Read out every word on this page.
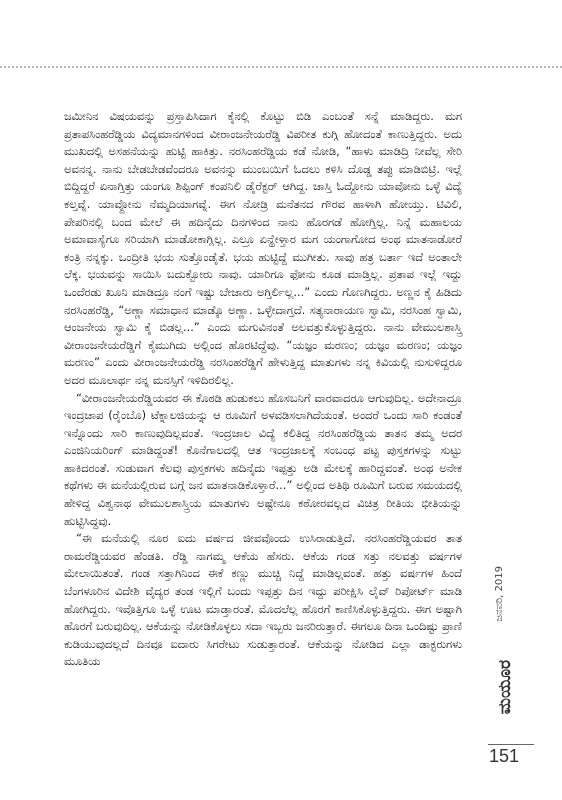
ಜಮೀನಿನ ವಿಷಯವನ್ನು ಪ್ರಸ್ತಾಪಿಸಿದಾಗ ಕೈನಲ್ಲಿ ಕೊಟ್ಟು ಬಿಡಿ ಎಂಬಂತೆ ಸನ್ನೆ ಮಾಡಿದ್ದರು. ಮಗ ಪ್ರತಾಪಸಿಂಹರೆಡ್ಡಿಯ ವಿದ್ಯಮಾನಗಳಿಂದ ವೀರಾಂಜನೇಯರೆಡ್ಡಿ ವಿಪರೀತ ಕುಗ್ಗಿ ಹೋದಂತೆ ಕಾಣುತ್ತಿದ್ದರು. ಅದು ಮುಖದಲ್ಲಿ ಅಸಹನೆಯನ್ನು ಹುಟ್ಟಿ ಹಾಕಿತ್ತು. ನರಸಿಂಹರೆಡ್ಡಿಯ ಕಡೆ ನೋಡಿ, “ಹಾಳು ಮಾಡಿದ್ರಿ ನೀವೆಲ್ಲ ಸೇರಿ ಅವನನ್ನ. ನಾನು ಬೇಡಬೇಡವೆಂದರೂ ಅವನನ್ನು ಮುಂಬಯಿಗೆ ಓದಲು ಕಳಿಸಿ ದೊಡ್ಡ ತಪ್ಪು ಮಾಡಿಬಿಟ್ರಿ. ಇಲ್ಲೆ ಬಿದ್ದಿದ್ದರೆ ಏನಾಗ್ತಿತ್ತು ಯಂಗೂ ಶಿಪ್ಪಿಂಗ್ ಕಂಪನಿಲಿ ಡೈರೆಕ್ಟರ್ ಆಗಿದ್ದ. ಜಾಸ್ತಿ ಓದ್ದೋನು ಯಾವೋನು ಒಳ್ಳೆ ವಿದ್ಯೆ ಕಲ್ತವ್ನೆ. ಯಾವ್ದೋನು ನೆಮ್ಮದಿಯಾಗವ್ನೆ. ಈಗ ನೋಡ್ರಿ ಮನೆತನದ ಗೌರವ ಹಾಳಾಗಿ ಹೋಯ್ತು. ಟಿವಿಲಿ, ಪೇಪರಿನಲ್ಲಿ ಬಂದ ಮೇಲೆ ಈ ಹದಿನೈದು ದಿನಗಳಿಂದ ನಾನು ಹೊರಗಡೆ ಹೋಗ್ತಿಲ್ಲ. ನಿನ್ನೆ ಮಹಾಲಯ ಅಮಾವಾಸ್ಯೆಗೂ ಸರಿಯಾಗಿ ಮಾಡೋಕಾಗ್ಲಿಲ್ಲ. ಎಲ್ರೂ ಏನ್ಹೇಳ್ತಾರ ಮಗ ಯಂಗಾಗೋದ ಅಂಥ ಮಾತನಾಡೋರೆ ಕಂತ್ರಿ ನನ್ನಕ್ಕು. ಒಂದ್ರೀತಿ ಭಯ ಸುತ್ತೊಂಡೈತೆ. ಭಯ ಹುಟ್ಟಿದ್ದೆ ಮುಗೀತು. ಸಾವು ಹತ್ರ ಬರ್ತಾ ಇದೆ ಅಂತಾಲೇ ಲೆಕ್ಕ. ಭಯವನ್ನು ಸಾಯಿಸಿ ಬದುಕ್ಬೋರು ನಾವು. ಯಾರಿಗೂ ಫೋನು ಕೂಡ ಮಾಡ್ತಿಲ್ಲ. ಪ್ರತಾಪ ಇಲ್ಲೆ ಇದ್ದು ಒಂದೆರಡು ಖೂನಿ ಮಾಡಿದ್ರೂ ನಂಗೆ ಇಷ್ಟು ಬೇಜಾರು ಅಗ್ತಿರ್ಲಿಲ್ಲ...” ಎಂದು ಗೊಣಗಿದ್ದರು. ಅಣ್ಣನ ಕೈ ಹಿಡಿದು ನರಸಿಂಹರೆಡ್ಡಿ, “ಅಣ್ಣಾ ಸಮಾಧಾನ ಮಾಡ್ಕೊ ಅಣ್ಣಾ. ಒಳ್ಳೇದಾಗ್ತದೆ. ಸತ್ಯನಾರಾಯಣ ಸ್ವಾಮಿ, ನರಸಿಂಹ ಸ್ವಾಮಿ, ಆಂಜನೇಯ ಸ್ವಾಮಿ ಕೈ ಬಿಡಲ್ಲ...” ಎಂದು ಮಗುವಿನಂತೆ ಅಲವತ್ತುಕೊಳ್ಳುತ್ತಿದ್ದರು. ನಾನು ವೇಮುಲಶಾಸ್ತ್ರಿ ವೀರಾಂಜನೇಯರೆಡ್ಡಿಗೆ ಕೈಮುಗಿದು ಅಲ್ಲಿಂದ ಹೊರಟಿದ್ದೆವು. “ಯಜ್ಞಂ ಮರಣಂ; ಯಜ್ಞಂ ಮರಣಂ; ಯಜ್ಞಂ ಮರಣಂ” ಎಂದು ವೀರಾಂಜನೇಯರೆಡ್ಡಿ ನರಸಿಂಹರೆಡ್ಡಿಗೆ ಹೇಳುತ್ತಿದ್ದ ಮಾತುಗಳು ನನ್ನ ಕಿವಿಯಲ್ಲಿ ನುಸುಳಿದ್ದರೂ ಅದರ ಮೂಲಾರ್ಥ ನನ್ನ ಮನಸ್ಸಿಗೆ ಇಳಿದಿರಲಿಲ್ಲ.

“ವೀರಾಂಜನೇಯರೆಡ್ಡಿಯವರ ಈ ಕೊಠಡಿ ಹುಡುಕಲು ಹೊಸಬನಿಗೆ ವಾರವಾದರೂ ಆಗುವುದಿಲ್ಲ. ಅದೇನಾದ್ರೂ ಇಂದ್ರಚಾಪ (ರೈಂಬೊ) ಟೆಕ್ನಾಲಜಿಯನ್ನು ಆ ರೂಮಿಗೆ ಅಳವಡಿಸಲಾಗಿದೆಯಂತೆ. ಅಂದರೆ ಒಂದು ಸಾರಿ ಕಂಡಂತೆ ಇನ್ನೊಂದು ಸಾರಿ ಕಾಣುವುದಿಲ್ಲವಂತೆ. ಇಂದ್ರಜಾಲ ವಿದ್ಯೆ ಕಲಿತಿದ್ದ ನರಸಿಂಹರೆಡ್ಡಿಯ ತಾತನ ತಮ್ಮ ಅದರ ಎಂಜಿನಿಯರಿಂಗ್ ಮಾಡಿದ್ದಂತೆ! ಕೊನೆಗಾಲದಲ್ಲಿ ಆತ ಇಂದ್ರಜಾಲಕ್ಕೆ ಸಂಬಂಧ ಪಟ್ಟ ಪುಸ್ತಕಗಳನ್ನು ಸುಟ್ಟು ಹಾಕಿದರಂತೆ. ಸುಡುವಾಗ ಕೆಲವು ಪುಸ್ತಕಗಳು ಹದಿನೈದು ಇಪ್ಪತ್ತು ಅಡಿ ಮೇಲಕ್ಕೆ ಹಾರಿದ್ದವಂತೆ. ಅಂಥ ಅನೇಕ ಕಥೆಗಳು ಈ ಮನೆಯಲ್ಲಿರುವ ಬಗ್ಗೆ ಜನ ಮಾತನಾಡಿಕೊಳ್ತಾರೆ...” ಅಲ್ಲಿಂದ ಅತಿಥಿ ರೂಮಿಗೆ ಬರುವ ಸಮಯದಲ್ಲಿ ಹೇಳಿದ್ದ ವಿಶ್ವನಾಥ ವೇಮುಲಶಾಸ್ತ್ರಿಯ ಮಾತುಗಳು ಅಷ್ಟೇನೂ ಕಠೋರವಲ್ಲದ ವಿಚಿತ್ರ ರೀತಿಯ ಭೀತಿಯನ್ನು ಹುಟ್ಟಿಸಿದ್ದವು.

“ಈ ಮನೆಯಲ್ಲಿ ನೂರ ಐದು ವರ್ಷದ ಜೀವವೊಂದು ಉಸಿರಾಡುತ್ತಿದೆ. ನರಸಿಂಹರೆಡ್ಡಿಯವರ ತಾತ ರಾಮರೆಡ್ಡಿಯವರ ಹೆಂಡತಿ. ರೆಡ್ಡಿ ನಾಗಮ್ಮ ಆಕೆಯ ಹೆಸರು. ಆಕೆಯ ಗಂಡ ಸತ್ತು ನಲವತ್ತು ವರ್ಷಗಳ ಮೇಲಾಯಿತಂತೆ. ಗಂಡ ಸತ್ತಾಗಿನಿಂದ ಈಕೆ ಕಣ್ಣು ಮುಚ್ಚಿ ನಿದ್ದೆ ಮಾಡಿಲ್ಲವಂತೆ. ಹತ್ತು ವರ್ಷಗಳ ಹಿಂದೆ ಬೆಂಗಳೂರಿನ ವಿದೇಶಿ ವೈದ್ಯರ ತಂಡ ಇಲ್ಲಿಗೆ ಬಂದು ಇಪ್ಪತ್ತು ದಿನ ಇದ್ದು ಪರೀಕ್ಷಿಸಿ ಲೈವ್ ರಿಪೋರ್ಟ್ ಮಾಡಿ ಹೋಗಿದ್ದರು. ಇವೊತ್ತಿಗೂ ಒಳ್ಳೆ ಊಟ ಮಾಡ್ತಾರಂತೆ. ಮೊದಲೆಲ್ಲ ಹೊರಗೆ ಕಾಣಿಸಿಕೊಳ್ಳುತ್ತಿದ್ದರು. ಈಗ ಅಷ್ಟಾಗಿ ಹೊರಗೆ ಬರುವುದಿಲ್ಲ. ಆಕೆಯನ್ನು ನೋಡಿಕೊಳ್ಳಲು ಸದಾ ಇಬ್ಬರು ಜನರಿರುತ್ತಾರೆ. ಈಗಲೂ ದಿನಾ ಒಂದಿಷ್ಟು ಪ್ರಾಣಿ ಕುಡಿಯುವುದಲ್ಲದೆ ದಿನವೂ ಐದಾರು ಸಿಗರೇಟು ಸುಡುತ್ತಾರಂತೆ. ಆಕೆಯನ್ನು ನೋಡಿದ ಎಲ್ಲಾ ಡಾಕ್ಟರುಗಳು ಮೂತಿಯ

ಜನವರಿ, 2019
ಮಯೂರ
151
